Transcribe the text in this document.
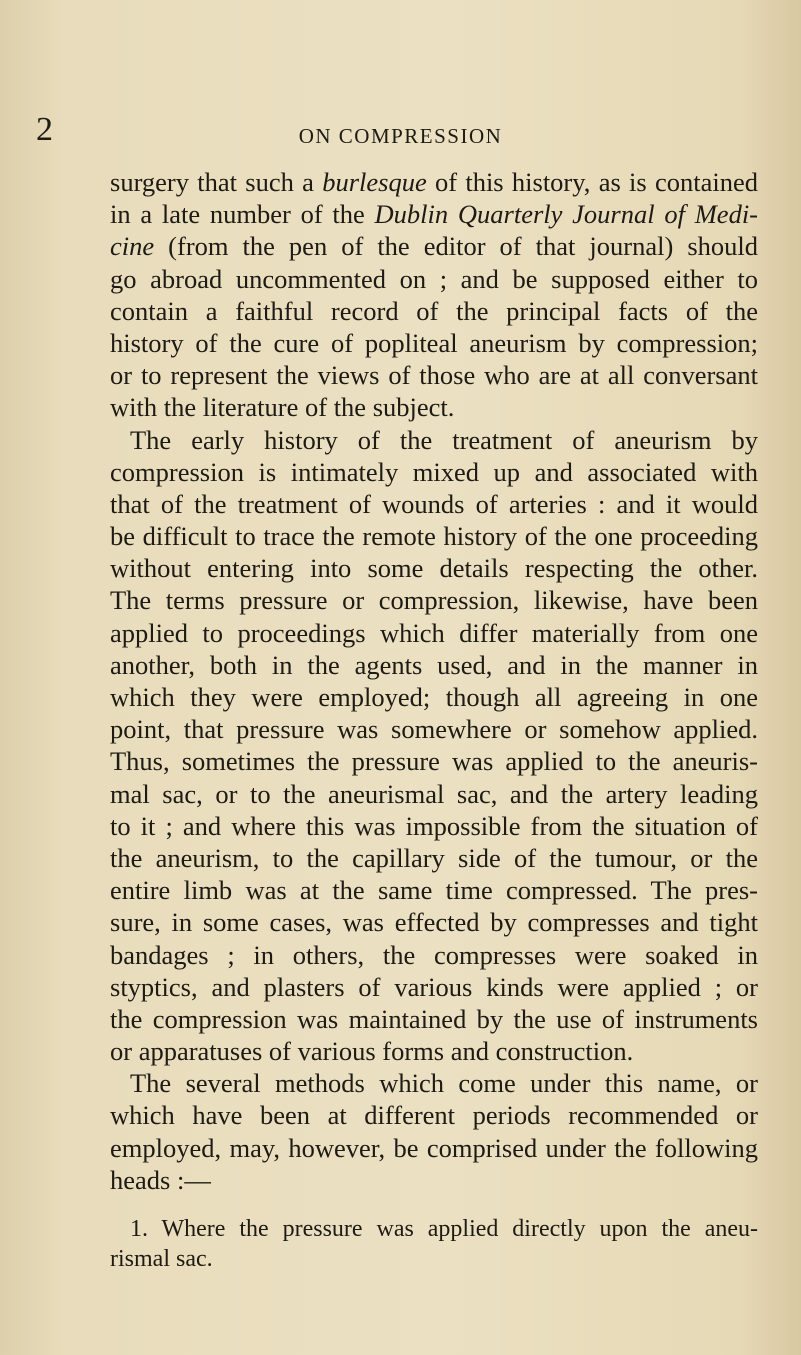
2	ON COMPRESSION
surgery that such a burlesque of this history, as is contained
in a late number of the Dublin Quarterly Journal of Medi-
cine (from the pen of the editor of that journal) should
go abroad uncommented on ; and be supposed either to
contain a faithful record of the principal facts of the
history of the cure of popliteal aneurism by compression;
or to represent the views of those who are at all conversant
with the literature of the subject.
The early history of the treatment of aneurism by
compression is intimately mixed up and associated with
that of the treatment of wounds of arteries : and it would
be difficult to trace the remote history of the one proceeding
without entering into some details respecting the other.
The terms pressure or compression, likewise, have been
applied to proceedings which differ materially from one
another, both in the agents used, and in the manner in
which they were employed; though all agreeing in one
point, that pressure was somewhere or somehow applied.
Thus, sometimes the pressure was applied to the aneuris-
mal sac, or to the aneurismal sac, and the artery leading
to it ; and where this was impossible from the situation of
the aneurism, to the capillary side of the tumour, or the
entire limb was at the same time compressed. The pres-
sure, in some cases, was effected by compresses and tight
bandages ; in others, the compresses were soaked in
styptics, and plasters of various kinds were applied ; or
the compression was maintained by the use of instruments
or apparatuses of various forms and construction.
The several methods which come under this name, or
which have been at different periods recommended or
employed, may, however, be comprised under the following
heads :—
1. Where the pressure was applied directly upon the aneu-
rismal sac.
